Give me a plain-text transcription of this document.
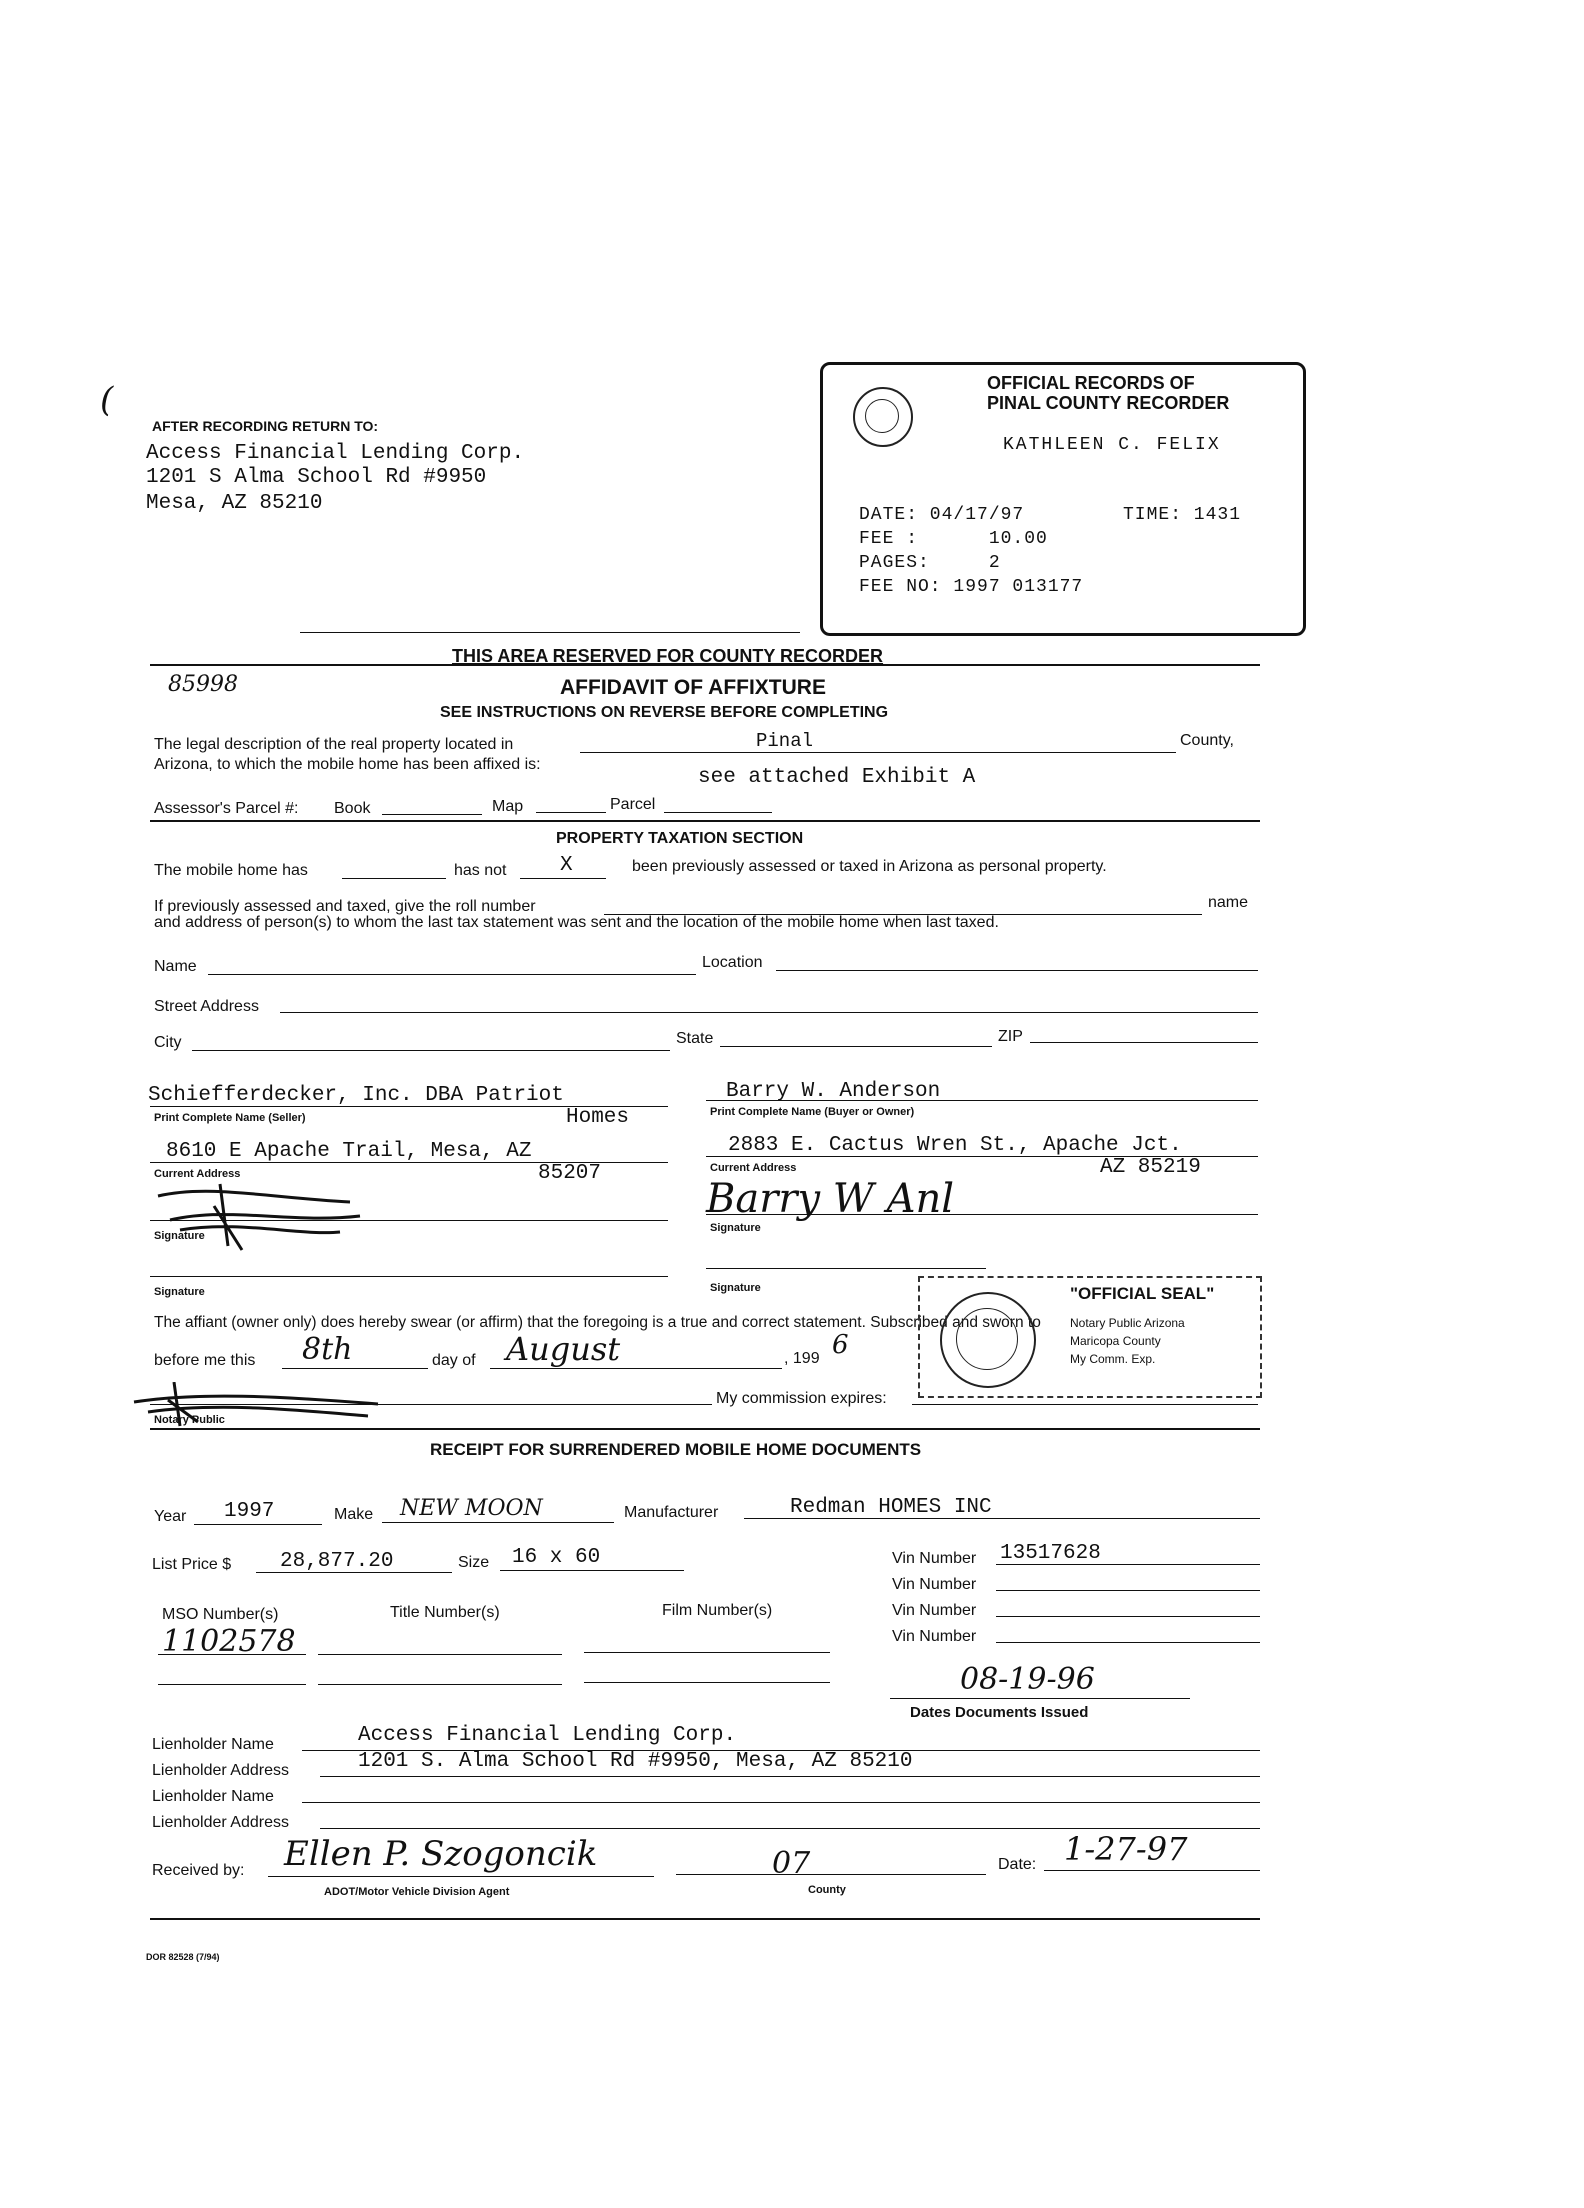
(
AFTER RECORDING RETURN TO:
Access Financial Lending Corp.
1201 S Alma School Rd #9950
Mesa, AZ 85210
OFFICIAL RECORDS OF
PINAL COUNTY RECORDER
KATHLEEN C. FELIX
DATE: 04/17/97	TIME: 1431
FEE :      10.00
PAGES:     2
FEE NO: 1997 013177
THIS AREA RESERVED FOR COUNTY RECORDER
85998	AFFIDAVIT OF AFFIXTURE
SEE INSTRUCTIONS ON REVERSE BEFORE COMPLETING
The legal description of the real property located in	Pinal	County,
Arizona, to which the mobile home has been affixed is:
see attached Exhibit A
Assessor's Parcel #: Book	Map	Parcel
PROPERTY TAXATION SECTION
The mobile home has	has not	X	been previously assessed or taxed in Arizona as personal property.
If previously assessed and taxed, give the roll number	name
and address of person(s) to whom the last tax statement was sent and the location of the mobile home when last taxed.
Name	Location
Street Address
City	State	ZIP
Schiefferdecker, Inc. DBA Patriot
Print Complete Name (Seller)	Homes
8610 E Apache Trail, Mesa, AZ
Current Address	85207
Signature
Signature
Barry W. Anderson
Print Complete Name (Buyer or Owner)
2883 E. Cactus Wren St., Apache Jct.
Current Address	AZ 85219
Barry W Anl
Signature
Signature
The affiant (owner only) does hereby swear (or affirm) that the foregoing is a true and correct statement. Subscribed and sworn to
before me this 8th	day of August	, 199 6
Notary Public
My commission expires:
"OFFICIAL SEAL"
Notary Public Arizona
Maricopa County
My Comm. Exp.
RECEIPT FOR SURRENDERED MOBILE HOME DOCUMENTS
Year 1997	Make NEW MOON	Manufacturer	Redman HOMES INC
List Price $ 28,877.20	Size 16 x 60	Vin Number 13517628
Vin Number
Vin Number
Vin Number
MSO Number(s)
1102578
Title Number(s)	Film Number(s)
08-19-96
Dates Documents Issued
Lienholder Name	Access Financial Lending Corp.
Lienholder Address	1201 S. Alma School Rd #9950, Mesa, AZ 85210
Lienholder Name
Lienholder Address
Received by: Ellen P. Szogoncik
ADOT/Motor Vehicle Division Agent
07
County
Date: 1-27-97
DOR 82528 (7/94)
